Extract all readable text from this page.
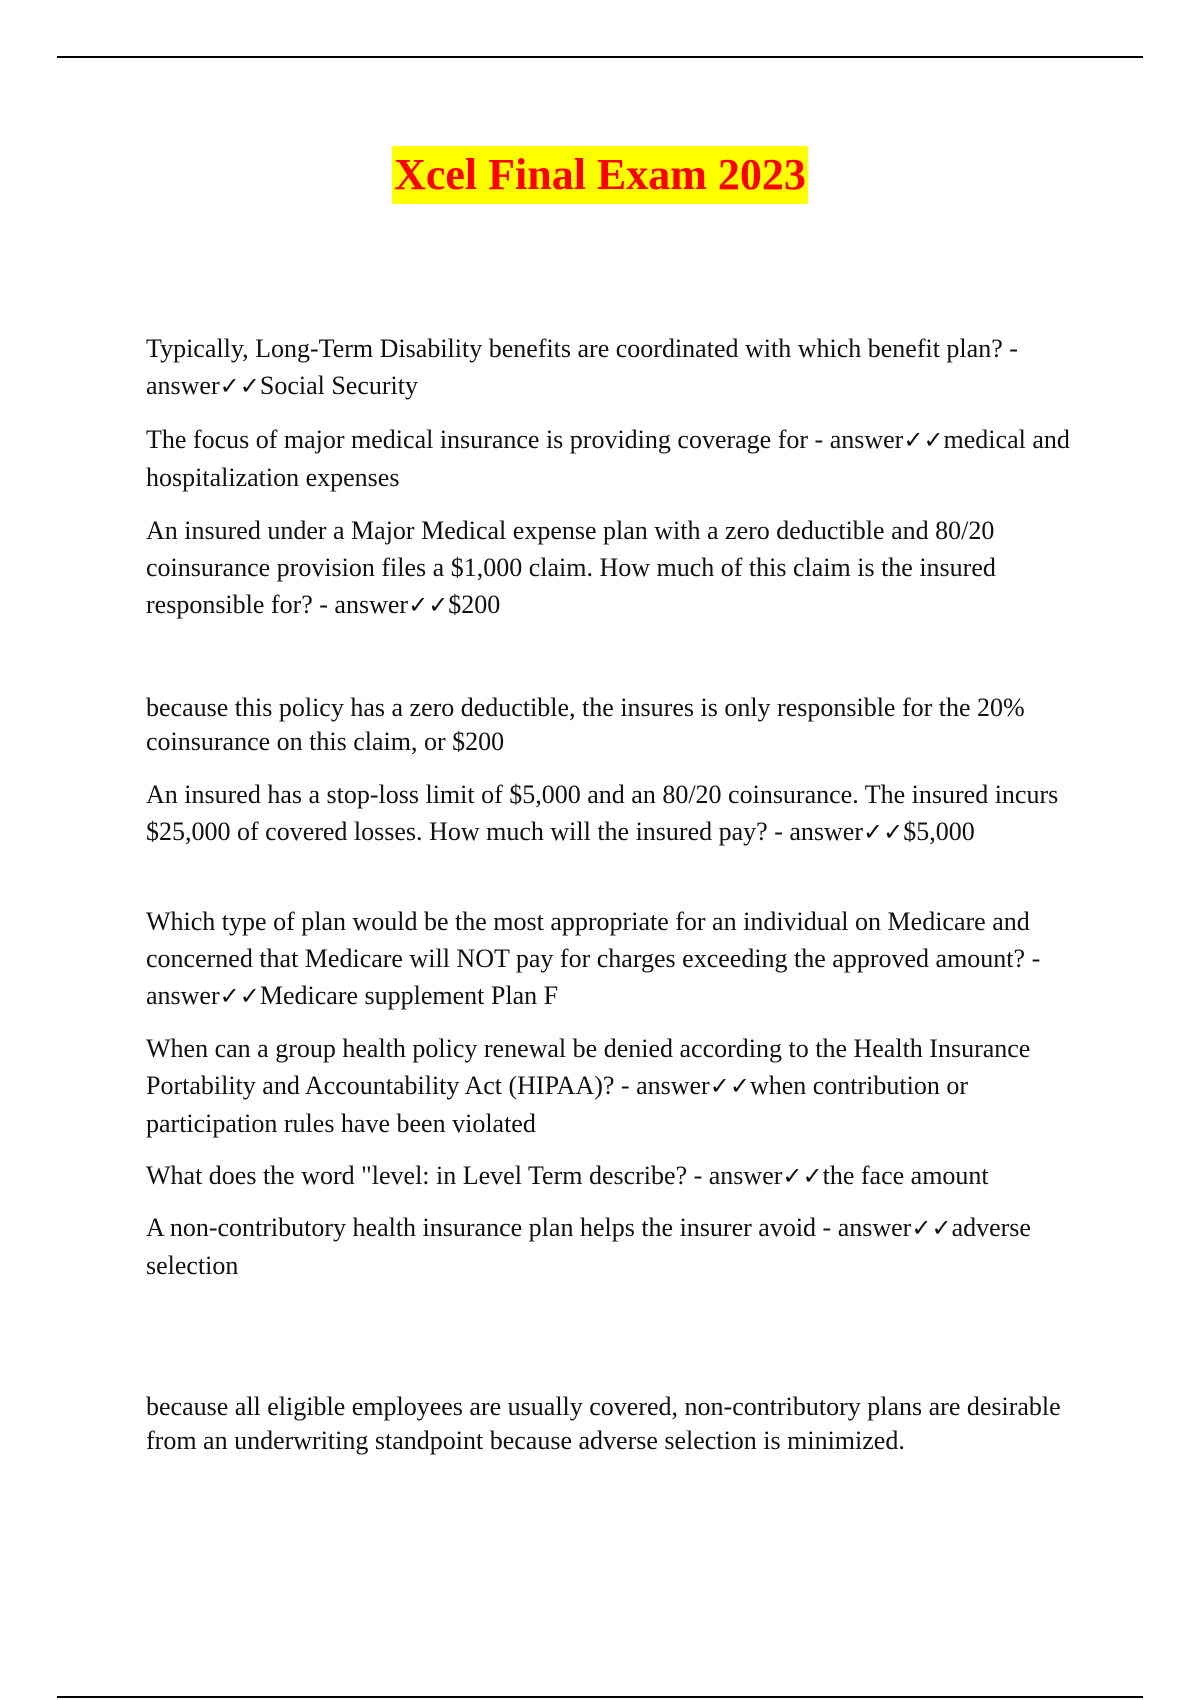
Xcel Final Exam 2023

Typically, Long-Term Disability benefits are coordinated with which benefit plan? - answer✓✓Social Security

The focus of major medical insurance is providing coverage for - answer✓✓medical and hospitalization expenses

An insured under a Major Medical expense plan with a zero deductible and 80/20 coinsurance provision files a $1,000 claim. How much of this claim is the insured responsible for? - answer✓✓$200

because this policy has a zero deductible, the insures is only responsible for the 20% coinsurance on this claim, or $200

An insured has a stop-loss limit of $5,000 and an 80/20 coinsurance. The insured incurs $25,000 of covered losses. How much will the insured pay? - answer✓✓$5,000

Which type of plan would be the most appropriate for an individual on Medicare and concerned that Medicare will NOT pay for charges exceeding the approved amount? - answer✓✓Medicare supplement Plan F

When can a group health policy renewal be denied according to the Health Insurance Portability and Accountability Act (HIPAA)? - answer✓✓when contribution or participation rules have been violated

What does the word "level: in Level Term describe? - answer✓✓the face amount

A non-contributory health insurance plan helps the insurer avoid - answer✓✓adverse selection

because all eligible employees are usually covered, non-contributory plans are desirable from an underwriting standpoint because adverse selection is minimized.
